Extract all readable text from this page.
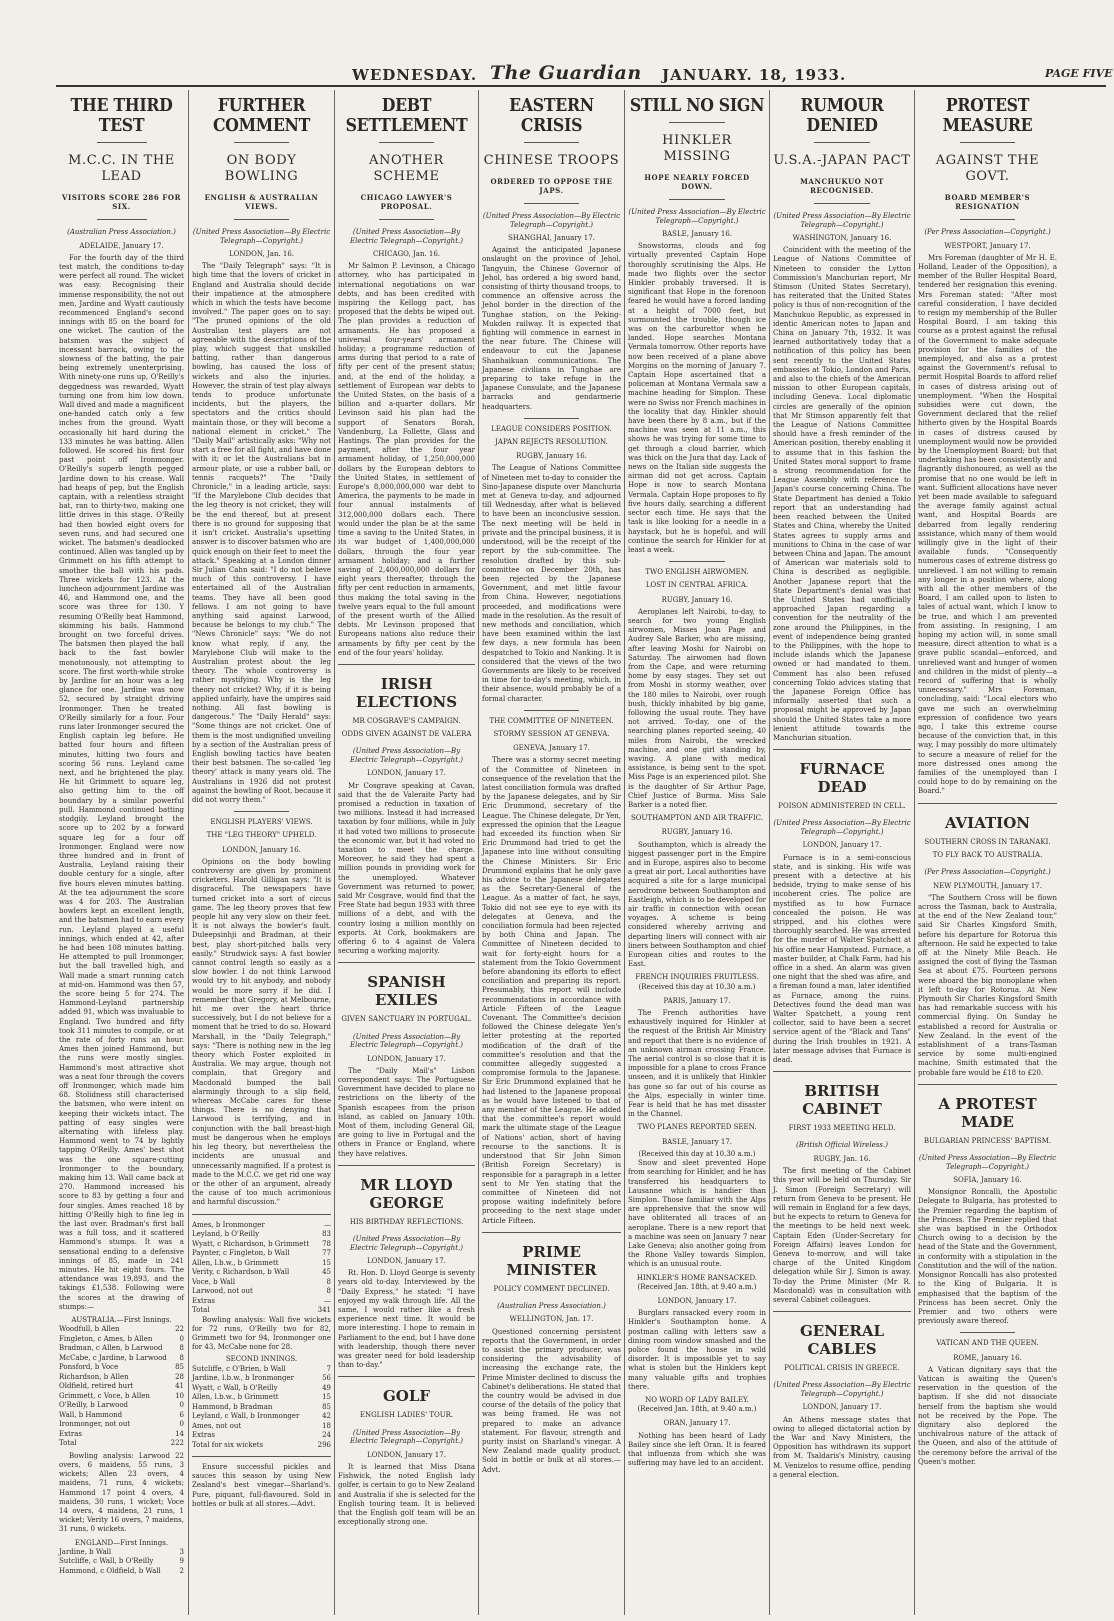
WEDNESDAY. The Guardian JANUARY. 18, 1933.	PAGE FIVE
THE THIRD TEST
M.C.C. IN THE LEAD
VISITORS SCORE 286 FOR SIX.
(Australian Press Association.)
ADELAIDE, January 17.
For the fourth day of the third test match, the conditions to-day were perfect all round. The wicket was easy. Recognising their immense responsibility, the not out men, Jardine and Wyatt cautiously recommenced England's second innings with 85 on the board for one wicket. The caution of the batsmen was the subject of incessant barrack, owing to the slowness of the batting, the pair being extremely unenterprising. With ninety-one runs up, O'Reilly's deggedness was rewarded, Wyatt turning one from him low down. Wall dived and made a magnificent one-handed catch only a few inches from the ground. Wyatt occasionally hit hard during the 133 minutes he was batting. Allen followed. He scored his first four past point off Ironmonger. O'Reilly's superb length pegged Jardine down to his crease. Wall had heaps of pep, but the English captain, with a relentless straight bat, ran to thirty-two, making one little drives in this stage. O'Reilly had then bowled eight overs for seven runs, and had secured one wicket. The batsmen's deadlocked continued. Allen was tangled up by Grimmett on his fifth attempt to smother the ball with his pads. Three wickets for 123. At the luncheon adjournment Jardine was 46, and Hammond one, and the score was three for 130. Y resuming O'Reilly beat Hammond, skimming his bails. Hammond brought on two forceful drives. The batsmen then played the ball back to the fast bowler monotonously, not attempting to score. The first worth-while stroke by Jardine for an hour was a leg glance for one. Jardine was now 52, secured by straight driving Ironmonger. Then he treated O'Reilly similarly for a four. Four runs later Ironmonger secured the English captain leg before. He batted four hours and fifteen minutes, hitting two fours and scoring 56 runs. Leyland came next, and he brightened the play. He hit Grimmett to square leg, also getting him to the off boundary by a similar powerful pull. Hammond continued batting stodgily. Leyland brought the score up to 202 by a forward square leg for a four off Ironmonger. England were now three hundred and in front of Australia, Leyland raising their double century for a single, after five hours eleven minutes batting. At the tea adjournment the score was 4 for 203. The Australian bowlers kept an excellent length, and the batsmen had to earn every run. Leyland played a useful innings, which ended at 42, after he had been 108 minutes batting. He attempted to pull Ironmonger, but the ball travelled high, and Wall made a smart running catch at mid-on. Hammond was then 57, the score being 5 for 274. The Hammond-Leyland partnership added 91, which was invaluable to England. Two hundred and fifty took 311 minutes to compile, or at the rate of forty runs an hour. Ames then joined Hammond, but the runs were mostly singles. Hammond's most attractive shot was a neat four through the covers off Ironmonger, which made him 68. Stolidness still characterised the batsmen, who were intent on keeping their wickets intact. The patting of easy singles were alternating with lifeless play. Hammond went to 74 by lightly tapping O'Reilly. Ames' best shot was the one square-cutting Ironmonger to the boundary, making him 13. Wall came back at 270. Hammond increased his score to 83 by getting a four and four singles. Ames reached 18 by hitting O'Reilly high to fine leg in the last over. Bradman's first ball was a full toss, and it scattered Hammond's stumps. It was a sensational ending to a defensive innings of 85, made in 241 minutes. He hit eight fours. The attendance was 19,893, and the takings £1,538. Following were the scores at the drawing of stumps:—
AUSTRALIA.—First Innings.
Woodfull, b Allen	22
Fingleton, c Ames, b Allen	0
Bradman, c Allen, b Larwood 8
McCabe, c Jardine, b Larwood 8
Ponsford, b Voce	85
Richardson, b Allen	28
Oldfield, retired hurt	41
Grimmett, c Voce, b Allen	10
O'Reilly, b Larwood	0
Wall, b Hammond	6
Ironmonger, not out	0
Extras	14
Total	222
Bowling analysis: Larwood 22 overs, 6 maidens, 55 runs, 3 wickets; Allen 23 overs, 4 maidens, 71 runs, 4 wickets; Hammond 17 point 4 overs, 4 maidens, 30 runs, 1 wicket; Voce 14 overs, 4 maidens, 21 runs, 1 wicket; Verity 16 overs, 7 maidens, 31 runs, 0 wickets.
ENGLAND—First Innings.
Jardine, b Wall	3
Sutcliffe, c Wall, b O'Reilly	9
Hammond, c Oldfield, b Wall	2
FURTHER COMMENT
ON BODY BOWLING
ENGLISH & AUSTRALIAN VIEWS.
(United Press Association—By Electric Telegraph—Copyright.)
LONDON, Jan. 16.
The "Daily Telegraph" says: "It is high time that the lovers of cricket in England and Australia should decide their impatience at the atmosphere which in which the tests have become involved." The paper goes on to say: "The pruned opinions of the old Australian test players are not agreeable with the descriptions of the play, which suggest that unskilled batting, rather than dangerous bowling, has caused the loss of wickets and also the injuries. However, the strain of test play always tends to produce unfortunate incidents, but the players, the spectators and the critics should maintain those, or they will become a national element in cricket." The "Daily Mail" artistically asks: "Why not start a free for all fight, and have done with it; or let the Australians bat in armour plate, or use a rubber ball, or tennis racquets?" The "Daily Chronicle," in a leading article, says: "If the Marylebone Club decides that the leg theory is not cricket, they will be the end thereof, but at present there is no ground for supposing that it isn't cricket. Australia's upsetting answer is to discover batsmen who are quick enough on their feet to meet the attack." Speaking at a London dinner Sir Julian Cahn said: "I do not believe much of this controversy. I have entertained all of the Australian teams. They have all been good fellows. I am not going to have anything said against Larwood, because he belongs to my club." The "News Chronicle" says: "We do not know what reply, if any, the Marylebone Club will make to the Australian protest about the leg theory. The whole controversy is rather mystifying. Why is the leg theory not cricket? Why, if it is being applied unfairly, have the umpires said nothing. All fast bowling is dangerous." The "Daily Herald" says: "Some things are not cricket. One of them is the most undignified unveiling by a section of the Australian press of English bowling tactics have beaten their best batsmen. The so-called 'leg theory' attack is many years old. The Australians in 1926 did not protest against the bowling of Root, because it did not worry them."
ENGLISH PLAYERS' VIEWS.
THE "LEG THEORY" UPHELD.
LONDON, January 16.
Opinions on the body bowling controversy are given by prominent cricketers. Harold Gilligan says: "It is disgraceful. The newspapers have turned cricket into a sort of circus game. The leg theory proves that few people hit any very slow on their feet. It is not always the bowler's fault. Duleepsinhji and Bradman, at their best, play short-pitched balls very easily." Strudwick says: A fast bowler cannot control length so easily as a slow bowler. I do not think Larwood would try to hit anybody, and nobody would be more sorry if he did. I remember that Gregory, at Melbourne, hit me over the heart thrice successively, but I do not believe for a moment that he tried to do so. Howard Marshall, in the "Daily Telegraph," says: "There is nothing new in the leg theory which Foster exploited in Australia. We may argue, though not complain, that Gregory and Macdonald bumped the ball alarmingly through to a slip field, whereas McCabe cares for these things. There is no denying that Larwood is terrifying, and in conjunction with the ball breast-high must be dangerous when he employs his leg theory, but nevertheless the incidents are unusual and unnecessarily magnified. If a protest is made to the M.C.C. we get rid one way or the other of an argument, already the cause of too much acrimonious and harmful discussion."
Ames, b Ironmonger	—
Leyland, b O'Reilly	83
Wyatt, c Richardson, b Grimmett 78
Paynter, c Fingleton, b Wall	77
Allen, l.b.w., b Grimmett	15
Verity, c Richardson, b Wall	45
Voce, b Wall	8
Larwood, not out	8
Extras	—
Total	341
Bowling analysis: Wall five wickets for 72 runs, O'Reilly two for 82, Grimmett two for 94, Ironmonger one for 43, McCabe none for 28.
SECOND INNINGS.
Sutcliffe, c O'Brien, b Wall	7
Jardine, l.b.w., b Ironmonger	56
Wyatt, c Wall, b O'Reilly	49
Allen, l.b.w., b Grimmett	15
Hammond, b Bradman	85
Leyland, c Wall, b Ironmonger	42
Ames, not out	18
Extras	24
Total for six wickets	296
Ensure successful pickles and sauces this season by using New Zealand's best vinegar—Sharland's. Pure, piquant, full-flavoured. Sold in bottles or bulk at all stores.—Advt.
DEBT SETTLEMENT
ANOTHER SCHEME
CHICAGO LAWYER'S PROPOSAL.
(United Press Association—By Electric Telegraph—Copyright.)
CHICAGO, Jan. 16.
Mr Salmon P. Levinson, a Chicago attorney, who has participated in international negotiations on war debts, and has been credited with inspiring the Kellogg pact, has proposed that the debts be wiped out. The plan provides a reduction of armaments. He has proposed a universal four-years' armament holiday; a programme reduction of arms during that period to a rate of fifty per cent of the present status; and, at the end of the holiday, a settlement of European war debts to the United States, on the basis of a billion and a-quarter dollars. Mr Levinson said his plan had the support of Senators Borah, Vandenburg, La Follette, Glass and Hastings. The plan provides for the payment, after the four year armament holiday, of 1,250,000,000 dollars by the European debtors to the United States, in settlement of Europe's 8,000,000,000 war debt to America, the payments to be made in four annual instalments of 312,000,000 dollars each. There would under the plan be at the same time a saving to the United States, in its war budget of 1,400,000,000 dollars, through the four year armament holiday; and a further saving of 2,400,000,000 dollars for eight years thereafter, through the fifty per cent reduction in armaments, thus making the total saving in the twelve years equal to the full amount of the present worth of the Allied debts. Mr Levinson proposed that Europeans nations also reduce their armaments by fifty per cent by the end of the four years' holiday.
IRISH ELECTIONS
MR COSGRAVE'S CAMPAIGN.
ODDS GIVEN AGAINST DE VALERA
(United Press Association—By Electric Telegraph—Copyright.)
LONDON, January 17.
Mr Cosgrave speaking at Cavan, said that the de Valeraite Party had promised a reduction in taxation of two millions. Instead it had increased taxation by four millions, while in July it had voted two millions to prosecute the economic war, but it had voted no taxation to meet the charge. Moreover, he said they had spent a million pounds in providing work for the unemployed. Whatever Government was returned to power, said Mr Cosgrave, would find that the Free State had begun 1933 with three millions of a debt, and with the country losing a million monthly on exports. At Cork, bookmakers are offering 6 to 4 against de Valera securing a working majority.
SPANISH EXILES
GIVEN SANCTUARY IN PORTUGAL.
(United Press Association—By Electric Telegraph—Copyright.)
LONDON, January 17.
The "Daily Mail's" Lisbon correspondent says: The Portuguese Government have decided to place no restrictions on the liberty of the Spanish escapees from the prison island, as cabled on January 10th. Most of them, including General Gil, are going to live in Portugal and the others in France or England, where they have relatives.
MR LLOYD GEORGE
HIS BIRTHDAY REFLECTIONS.
(United Press Association—By Electric Telegraph—Copyright.)
LONDON, January 17.
Rt. Hon. D. Lloyd George is seventy years old to-day. Interviewed by the "Daily Express," he stated: "I have enjoyed my walk through life. All the same, I would rather like a fresh experience next time. It would be more interesting. I hope to remain in Parliament to the end, but I have done with leadership, though there never was greater need for bold leadership than to-day."
GOLF
ENGLISH LADIES' TOUR.
(United Press Association—By Electric Telegraph—Copyright.)
LONDON, January 17.
It is learned that Miss Diana Fishwick, the noted English lady golfer, is certain to go to New Zealand and Australia if she is selected for the English touring team. It is believed that the English golf team will be an exceptionally strong one.
EASTERN CRISIS
CHINESE TROOPS
ORDERED TO OPPOSE THE JAPS.
(United Press Association—By Electric Telegraph—Copyright.)
SHANGHAI, January 17.
Against the anticipated Japanese onslaught on the province of Jehol, Tangyuin, the Chinese Governor of Jehol, has ordered a big sword band, consisting of thirty thousand troops, to commence an offensive across the Jehol border in the direction of the Tunghae station, on the Peking-Mukden railway. It is expected that fighting will commence in earnest in the near future. The Chinese will endeavour to cut the Japanese Shanhaikuan communications. The Japanese civilians in Tunghae are preparing to take refuge in the Japanese Consulate, and the Japanese barracks and gendarmerie headquarters.
LEAGUE CONSIDERS POSITION.
JAPAN REJECTS RESOLUTION.
RUGBY, January 16.
The League of Nations Committee of Nineteen met to-day to consider the Sino-Japanese dispute over Manchuria met at Geneva to-day, and adjourned till Wednesday, after what is believed to have been an inconclusive session. The next meeting will be held in private and the principal business, it is understood, will be the receipt of the report by the sub-committee. The resolution drafted by this sub-committee on December 20th, has been rejected by the Japanese Government, and met little favour from China. However, negotiations proceeded, and modifications were made in the resolution. As the result of new methods and conciliation, which have been examined within the last few days, a new formula has been despatched to Tokio and Nanking. It is considered that the views of the two Governments are likely to be received in time for to-day's meeting, which, in their absence, would probably be of a formal character.
THE COMMITTEE OF NINETEEN.
STORMY SESSION AT GENEVA.
GENEVA, January 17.
There was a stormy secret meeting of the Committee of Nineteen in consequence of the revelation that the latest conciliation formula was drafted by the Japanese delegates, and by Sir Eric Drummond, secretary of the League. The Chinese delegate, Dr Yen, expressed the opinion that the League had exceeded its function when Sir Eric Drummond had tried to get the Japanese into line without consulting the Chinese Ministers. Sir Eric Drummond explains that he only gave his advice to the Japanese delegates as the Secretary-General of the League. As a matter of fact, he says, Tokio did not see eye to eye with its delegates at Geneva, and the conciliation formula had been rejected by both China and Japan. The Committee of Nineteen decided to wait for forty-eight hours for a statement from the Tokio Government before abandoning its efforts to effect conciliation and preparing its report. Presumably, this report will include recommendations in accordance with Article Fifteen of the League Covenant. The Committee's decision followed the Chinese delegate Yen's letter protesting at the reported modification of the draft of the committee's resolution and that the committee allegedly suggested a compromise formula to the Japanese. Sir Eric Drummond explained that he had listened to the Japanese proposal as he would have listened to that of any member of the League. He added that the committee's report would mark the ultimate stage of the League of Nations' action, short of having recourse to the sanctions. It is understood that Sir John Simon (British Foreign Secretary) is responsible for a paragraph in a letter sent to Mr Yen stating that the committee of Nineteen did not propose waiting indefinitely before proceeding to the next stage under Article Fifteen.
PRIME MINISTER
POLICY COMMENT DECLINED.
(Australian Press Association.)
WELLINGTON, Jan. 17.
Questioned concerning persistent reports that the Government, in order to assist the primary producer, was considering the advisability of increasing the exchange rate, the Prime Minister declined to discuss the Cabinet's deliberations. He stated that the country would be advised in due course of the details of the policy that was being framed. He was not prepared to make an advance statement. For flavour, strength and purity insist on Sharland's vinegar. A New Zealand made quality product. Sold in bottle or bulk at all stores.—Advt.
STILL NO SIGN
HINKLER MISSING
HOPE NEARLY FORCED DOWN.
(United Press Association—By Electric Telegraph—Copyright.)
BASLE, January 16.
Snowstorms, clouds and fog virtually prevented Captain Hope thoroughly scrutinising the Alps. He made two flights over the sector Hinkler probably traversed. It is significant that Hope in the forenoon feared he would have a forced landing at a height of 7000 feet, but surmounted the trouble, though ice was on the carburettor when he landed. Hope searches Montana Vermala tomorrow. Other reports have now been received of a plane above Morgins on the morning of January 7. Captain Hope ascertained that a policeman at Montana Vermala saw a machine heading for Simplon. These were no Swiss nor French machines in the locality that day. Hinkler should have been there by 8 a.m., but if the machine was seen at 11 a.m., this shows he was trying for some time to get through a cloud barrier, which was thick on the Jura that day. Lack of news on the Italian side suggests the airman did not get across. Captain Hope is now to search Montana Vermala. Captain Hope proposes to fly five hours daily, searching a different sector each time. He says that the task is like looking for a needle in a haystack, but he is hopeful, and will continue the search for Hinkler for at least a week.
TWO ENGLISH AIRWOMEN.
LOST IN CENTRAL AFRICA.
RUGBY, January 16.
Aeroplanes left Nairobi, to-day, to search for two young English airwomen, Misses Joan Page and Audrey Sale Barker, who are missing, after leaving Moshi for Nairobi on Saturday. The airwomen had flown from the Cape, and were returning home by easy stages. They set out from Moshi in stormy weather, over the 180 miles to Nairobi, over rough bush, thickly inhabited by big game, following the usual route. They have not arrived. To-day, one of the searching planes reported seeing, 40 miles from Nairobi, the wrecked machine, and one girl standing by, waving. A plane with medical assistance, is being sent to the spot. Miss Page is an experienced pilot. She is the daughter of Sir Arthur Page, Chief Justice of Burma. Miss Sale Barker is a noted flier.
SOUTHAMPTON AND AIR TRAFFIC.
RUGBY, January 16.
Southampton, which is already the biggest passenger port in the Empire and in Europe, aspires also to become a great air port. Local authorities have acquired a site for a large municipal aerodrome between Southampton and Eastleigh, which is to be developed for air traffic in connection with ocean voyages. A scheme is being considered whereby arriving and departing liners will connect with air liners between Southampton and chief European cities and routes to the East.
FRENCH INQUIRIES FRUITLESS.
(Received this day at 10.30 a.m.)
PARIS, January 17.
The French authorities have exhaustively inquired for Hinkler at the request of the British Air Ministry and report that there is no evidence of an unknown airman crossing France. The aerial control is so close that it is impossible for a plane to cross France unseen, and it is unlikely that Hinkler has gone so far out of his course as the Alps, especially in winter time. Fear is held that he has met disaster in the Channel.
TWO PLANES REPORTED SEEN.
BASLE, January 17.
(Received this day at 10.30 a.m.)
Snow and sleet prevented Hope from searching for Hinkler, and he has transferred his headquarters to Lausanne which is handier than Simplon. Those familiar with the Alps are apprehensive that the snow will have obliterated all traces of an aeroplane. There is a new report that a machine was seen on January 7 near Lake Geneva; also another going from the Rhone Valley towards Simplon, which is an unusual route.
HINKLER'S HOME RANSACKED.
(Received Jan. 18th, at 9.40 a.m.)
LONDON, January 17.
Burglars ransacked every room in Hinkler's Southampton home. A postman calling with letters saw a dining room window smashed and the police found the house in wild disorder. It is impossible yet to say what is stolen but the Hinklers kept many valuable gifts and trophies there.
NO WORD OF LADY BAILEY.
(Received Jan. 18th, at 9.40 a.m.)
ORAN, January 17.
Nothing has been heard of Lady Bailey since she left Oran. It is feared that influenza from which she was suffering may have led to an accident.
RUMOUR DENIED
U.S.A.-JAPAN PACT
MANCHUKUO NOT RECOGNISED.
(United Press Association—By Electric Telegraph—Copyright.)
WASHINGTON, January 16.
Coincident with the meeting of the League of Nations Committee of Nineteen to consider the Lytton Commission's Manchurian report, Mr Stimson (United States Secretary), has reiterated that the United States policy is thus of non-recognition of the Manchukuo Republic, as expressed in identic American notes to Japan and China on January 7th, 1932. It was learned authoritatively today that a notification of this policy has been sent recently to the United States embassies at Tokio, London and Paris, and also to the chiefs of the American mission to other European capitals, including Geneva. Local diplomatic circles are generally of the opinion that Mr Stimson apparently felt that the League of Nations Committee should have a fresh reminder of the American position, thereby enabling it to assume that in this fashion the United States moral support to frame a strong recommendation for the League Assembly with reference to Japan's course concerning China. The State Department has denied a Tokio report that an understanding had been reached between the United States and China, whereby the United States agrees to supply arms and munitions to China in the case of war between China and Japan. The amount of American war materials sold to China is described as negligible. Another Japanese report that the State Department's denial was that the United States had unofficially approached Japan regarding a convention for the neutrality of the zone around the Philippines, in the event of independence being granted to the Philippines, with the hope to include islands which the Japanese owned or had mandated to them. Comment has also been refused concerning Tokio advices stating that the Japanese Foreign Office has informally asserted that such a proposal might be approved by Japan should the United States take a more lenient attitude towards the Manchurian situation.
FURNACE DEAD
POISON ADMINISTERED IN CELL.
(United Press Association—By Electric Telegraph—Copyright.)
LONDON, January 17.
Furnace is in a semi-conscious state, and is sinking. His wife was present with a detective at his bedside, trying to make sense of his incoherent cries. The police are mystified as to how Furnace concealed the poison. He was stripped, and his clothes were thoroughly searched. He was arrested for the murder of Walter Spatchett at his office near Hampstead. Furnace, a master builder, at Chalk Farm, had his office in a shed. An alarm was given one night that the shed was afire, and a fireman found a man, later identified as Furnace, among the ruins. Detectives found the dead man was Walter Spatchett, a young rent collector, said to have been a secret service agent of the "Black and Tans" during the Irish troubles in 1921. A later message advises that Furnace is dead.
BRITISH CABINET
FIRST 1933 MEETING HELD.
(British Official Wireless.)
RUGBY, Jan. 16.
The first meeting of the Cabinet this year will be held on Thursday. Sir J. Simon (Foreign Secretary) will return from Geneva to be present. He will remain in England for a few days, but he expects to return to Geneva for the meetings to be held next week. Captain Eden (Under-Secretary for Foreign Affairs) leaves London for Geneva to-morrow, and will take charge of the United Kingdom delegation while Sir J. Simon is away. To-day the Prime Minister (Mr R. Macdonald) was in consultation with several Cabinet colleagues.
GENERAL CABLES
POLITICAL CRISIS IN GREECE.
(United Press Association—By Electric Telegraph—Copyright.)
LONDON, January 17.
An Athens message states that owing to alleged dictatorial action by the War and Navy Ministers, the Opposition has withdrawn its support from M. Tsaldaris's Ministry, causing M. Venizelos to resume office, pending a general election.
PROTEST MEASURE
AGAINST THE GOVT.
BOARD MEMBER'S RESIGNATION
(Per Press Association—Copyright.)
WESTPORT, January 17.
Mrs Foreman (daughter of Mr H. E. Holland, Leader of the Opposition), a member of the Buller Hospital Board, tendered her resignation this evening. Mrs Foreman stated: "After most careful consideration, I have decided to resign my membership of the Buller Hospital Board. I am taking this course as a protest against the refusal of the Government to make adequate provision for the families of the unemployed, and also as a protest against the Government's refusal to permit Hospital Boards to afford relief in cases of distress arising out of unemployment. "When the Hospital subsidies were cut down, the Government declared that the relief hitherto given by the Hospital Boards in cases of distress caused by unemployment would now be provided by the Unemployment Board; but that undertaking has been consistently and flagrantly dishonoured, as well as the promise that no one would be left in want. Sufficient allocations have never yet been made available to safeguard the average family against actual want, and Hospital Boards are debarred from legally rendering assistance, which many of them would willingly give in the light of their available funds. "Consequently numerous cases of extreme distress go unrelieved. I am not willing to remain any longer in a position where, along with all the other members of the Board, I am called upon to listen to tales of actual want, which I know to be true, and which I am prevented from assisting. In resigning, I am hoping my action will, in some small measure, direct attention to what is a grave public scandal—enforced, and unrelieved want and hunger of women and children in the midst of plenty—a record of suffering that is wholly unnecessary." Mrs Foreman, concluding, said: "Local electors who gave me such an overwhelming expression of confidence two years ago, I take this extreme course because of the conviction that, in this way, I may possibly do more ultimately to secure a measure of relief for the more distressed ones among the families of the unemployed than I could hope to do by remaining on the Board."
AVIATION
SOUTHERN CROSS IN TARANAKI.
TO FLY BACK TO AUSTRALIA.
(Per Press Association—Copyright.)
NEW PLYMOUTH, January 17.
"The Southern Cross will be flown across the Tasman, back to Australia, at the end of the New Zealand tour," said Sir Charles Kingsford Smith, before his departure for Rotorua this afternoon. He said he expected to take off at the Ninety Mile Beach. He assigned the cost of flying the Tasman Sea at about £75. Fourteen persons were aboard the big monoplane when it left to-day for Rotorua. At New Plymouth Sir Charles Kingsford Smith has had remarkable success with his commercial flying. On Sunday he established a record for Australia or New Zealand. In the event of the establishment of a trans-Tasman service by some multi-engined machine, Smith estimated that the probable fare would be £18 to £20.
A PROTEST MADE
BULGARIAN PRINCESS' BAPTISM.
(United Press Association—By Electric Telegraph—Copyright.)
SOFIA, January 16.
Monsignor Roncalli, the Apostolic Delegate to Bulgaria, has protested to the Premier regarding the baptism of the Princess. The Premier replied that she was baptised in the Orthodox Church owing to a decision by the head of the State and the Government, in conformity with a stipulation in the Constitution and the will of the nation. Monsignor Roncalli has also protested to the King of Bulgaria. It is emphasised that the baptism of the Princess has been secret. Only the Premier and two others were previously aware thereof.
VATICAN AND THE QUEEN.
ROME, January 16.
A Vatican dignitary says that the Vatican is awaiting the Queen's reservation in the question of the baptism. If she did not dissociate herself from the baptism she would not be received by the Pope. The dignitary also deplored the unchivalrous nature of the attack of the Queen, and also of the attitude of the ceremony before the arrival of the Queen's mother.
